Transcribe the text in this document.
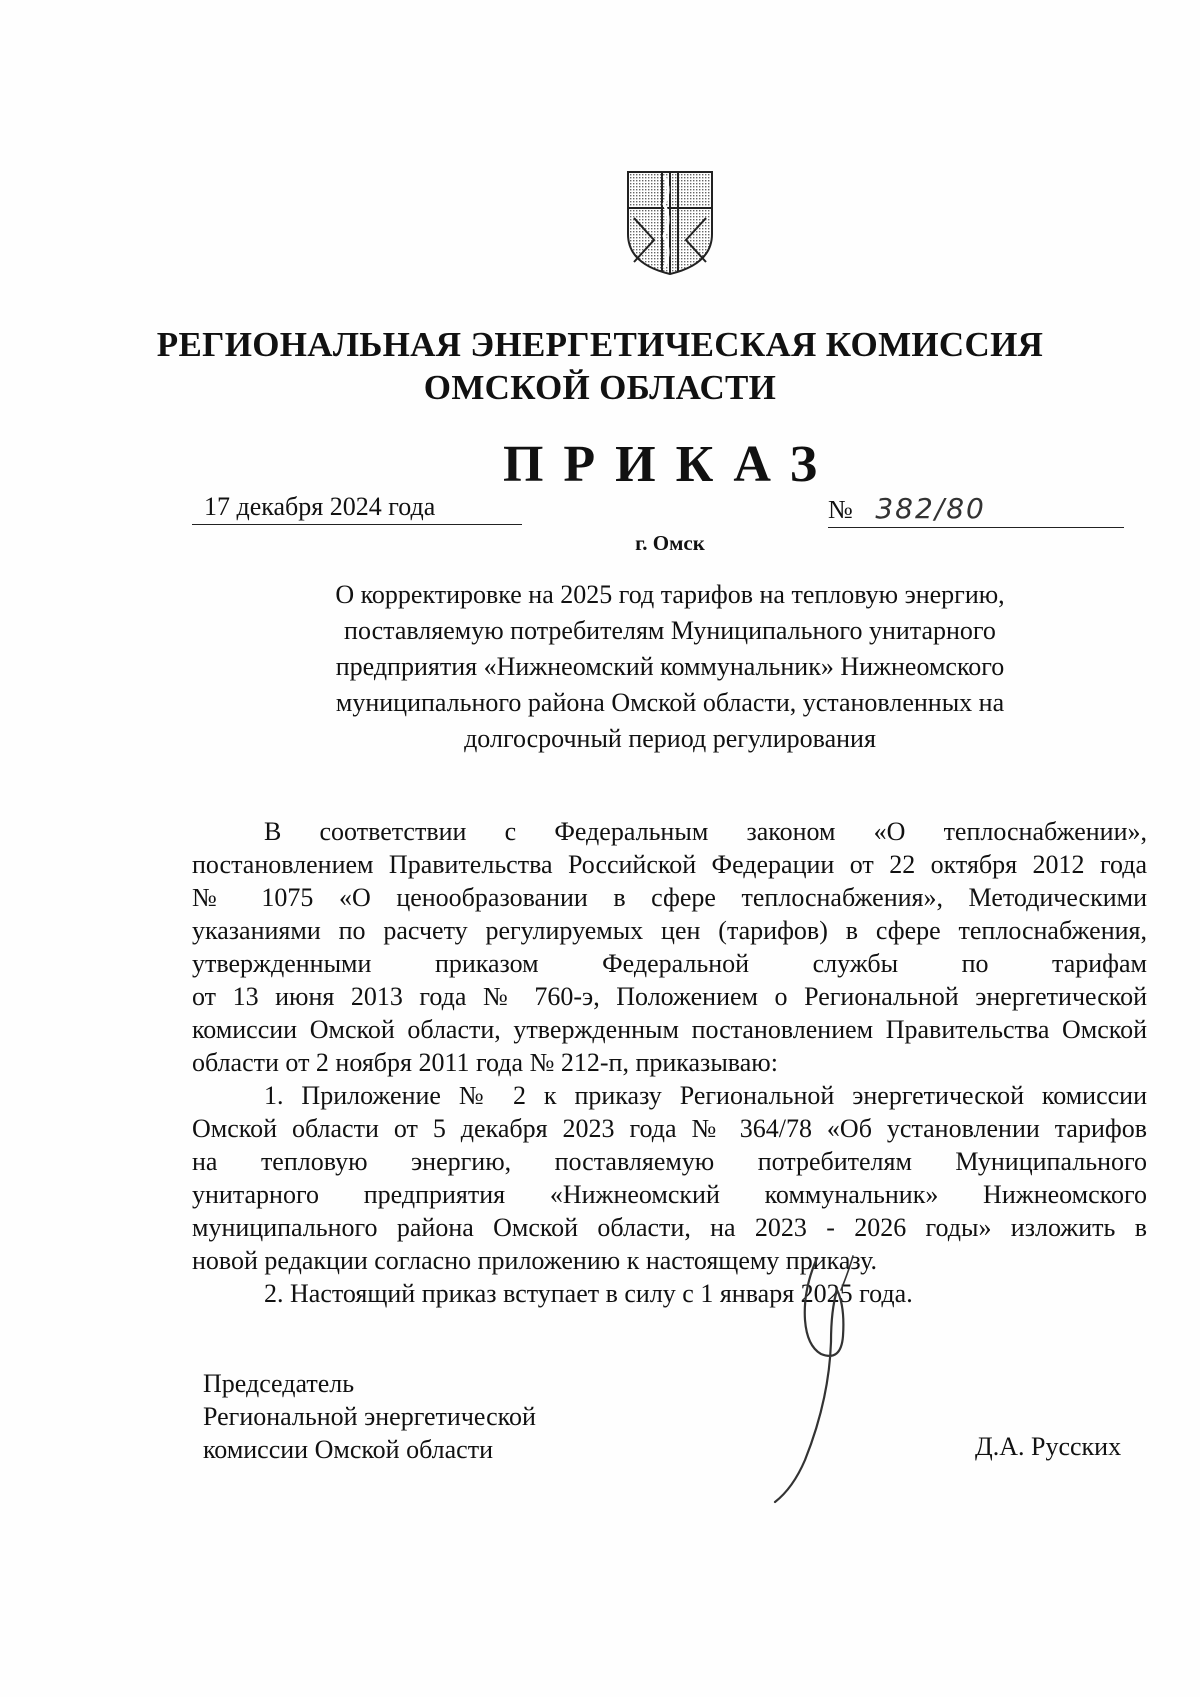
РЕГИОНАЛЬНАЯ ЭНЕРГЕТИЧЕСКАЯ КОМИССИЯ
ОМСКОЙ ОБЛАСТИ
ПРИКАЗ
17 декабря 2024 года	№ 382/80
г. Омск
О корректировке на 2025 год тарифов на тепловую энергию,
поставляемую потребителям Муниципального унитарного
предприятия «Нижнеомский коммунальник» Нижнеомского
муниципального района Омской области, установленных на
долгосрочный период регулирования
В соответствии с Федеральным законом «О теплоснабжении»,
постановлением Правительства Российской Федерации от 22 октября 2012 года
№ 1075 «О ценообразовании в сфере теплоснабжения», Методическими
указаниями по расчету регулируемых цен (тарифов) в сфере теплоснабжения,
утвержденными приказом Федеральной службы по тарифам
от 13 июня 2013 года № 760-э, Положением о Региональной энергетической
комиссии Омской области, утвержденным постановлением Правительства Омской
области от 2 ноября 2011 года № 212-п, приказываю:
1. Приложение № 2 к приказу Региональной энергетической комиссии
Омской области от 5 декабря 2023 года № 364/78 «Об установлении тарифов
на тепловую энергию, поставляемую потребителям Муниципального
унитарного предприятия «Нижнеомский коммунальник» Нижнеомского
муниципального района Омской области, на 2023 - 2026 годы» изложить в
новой редакции согласно приложению к настоящему приказу.
2. Настоящий приказ вступает в силу с 1 января 2025 года.
Председатель
Региональной энергетической
комиссии Омской области	Д.А. Русских
